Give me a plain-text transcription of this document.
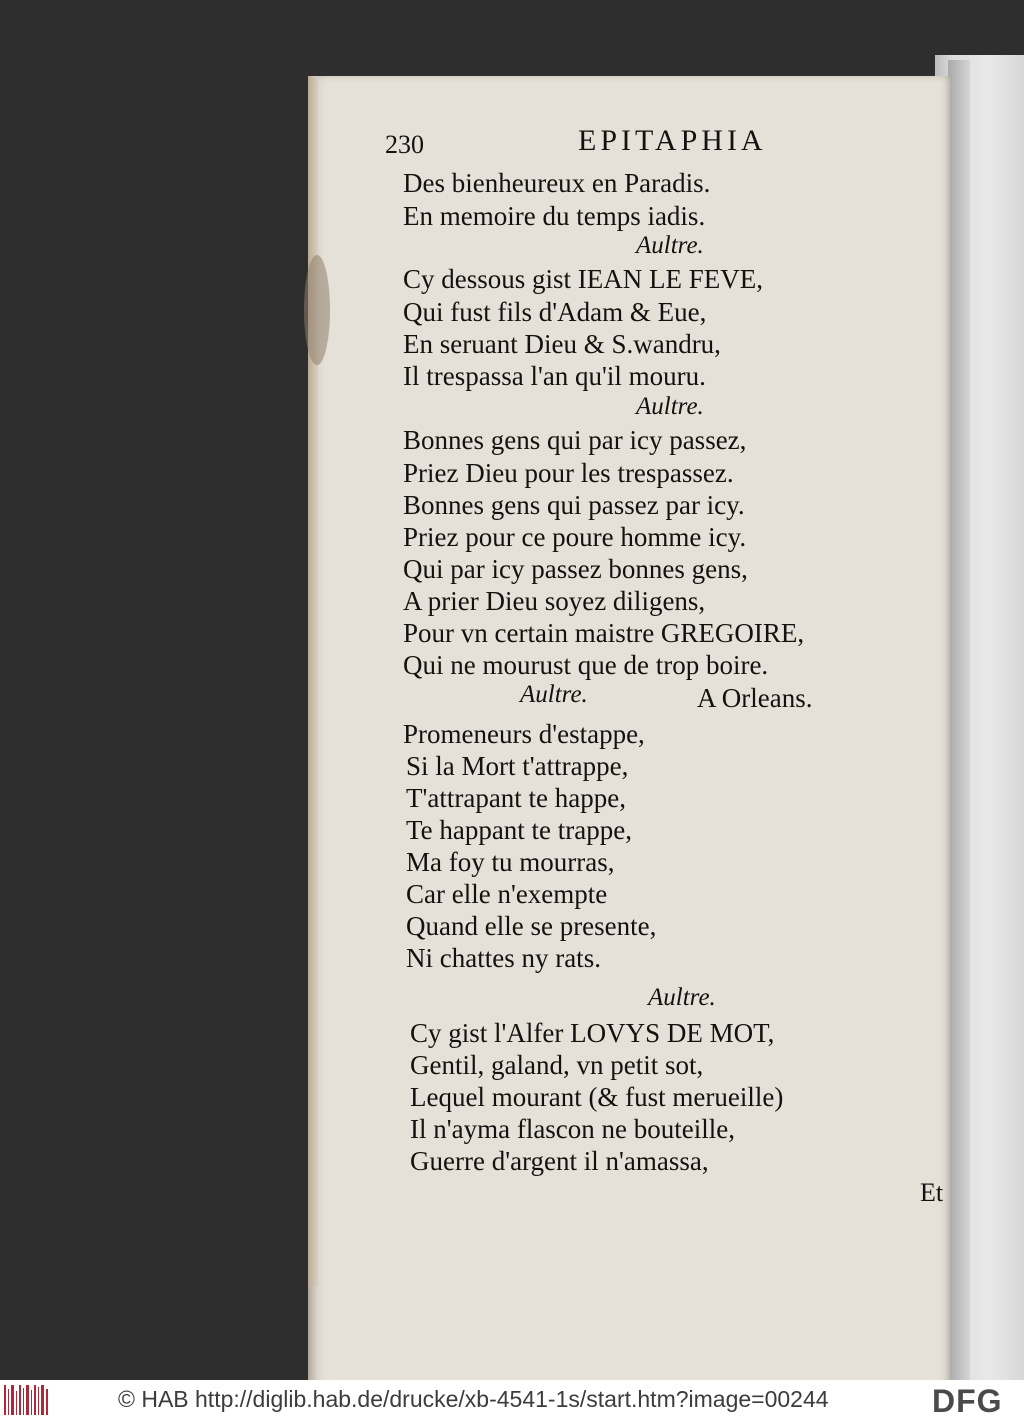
230	EPITAPHIA
Des bienheureux en Paradis.
En memoire du temps iadis.
Aultre.
Cy dessous gist IEAN LE FEVE,
Qui fust fils d'Adam & Eue,
En seruant Dieu & S.wandru,
Il trespassa l'an qu'il mouru.
Aultre.
Bonnes gens qui par icy passez,
Priez Dieu pour les trespassez.
Bonnes gens qui passez par icy.
Priez pour ce poure homme icy.
Qui par icy passez bonnes gens,
A prier Dieu soyez diligens,
Pour vn certain maistre GREGOIRE,
Qui ne mourust que de trop boire.
Aultre.	A Orleans.
Promeneurs d'estappe,
Si la Mort t'attrappe,
T'attrapant te happe,
Te happant te trappe,
Ma foy tu mourras,
Car elle n'exempte
Quand elle se presente,
Ni chattes ny rats.
Aultre.
Cy gist l'Alfer LOVYS DE MOT,
Gentil, galand, vn petit sot,
Lequel mourant (& fust merueille)
Il n'ayma flascon ne bouteille,
Guerre d'argent il n'amassa,
Et
© HAB http://diglib.hab.de/drucke/xb-4541-1s/start.htm?image=00244	DFG
